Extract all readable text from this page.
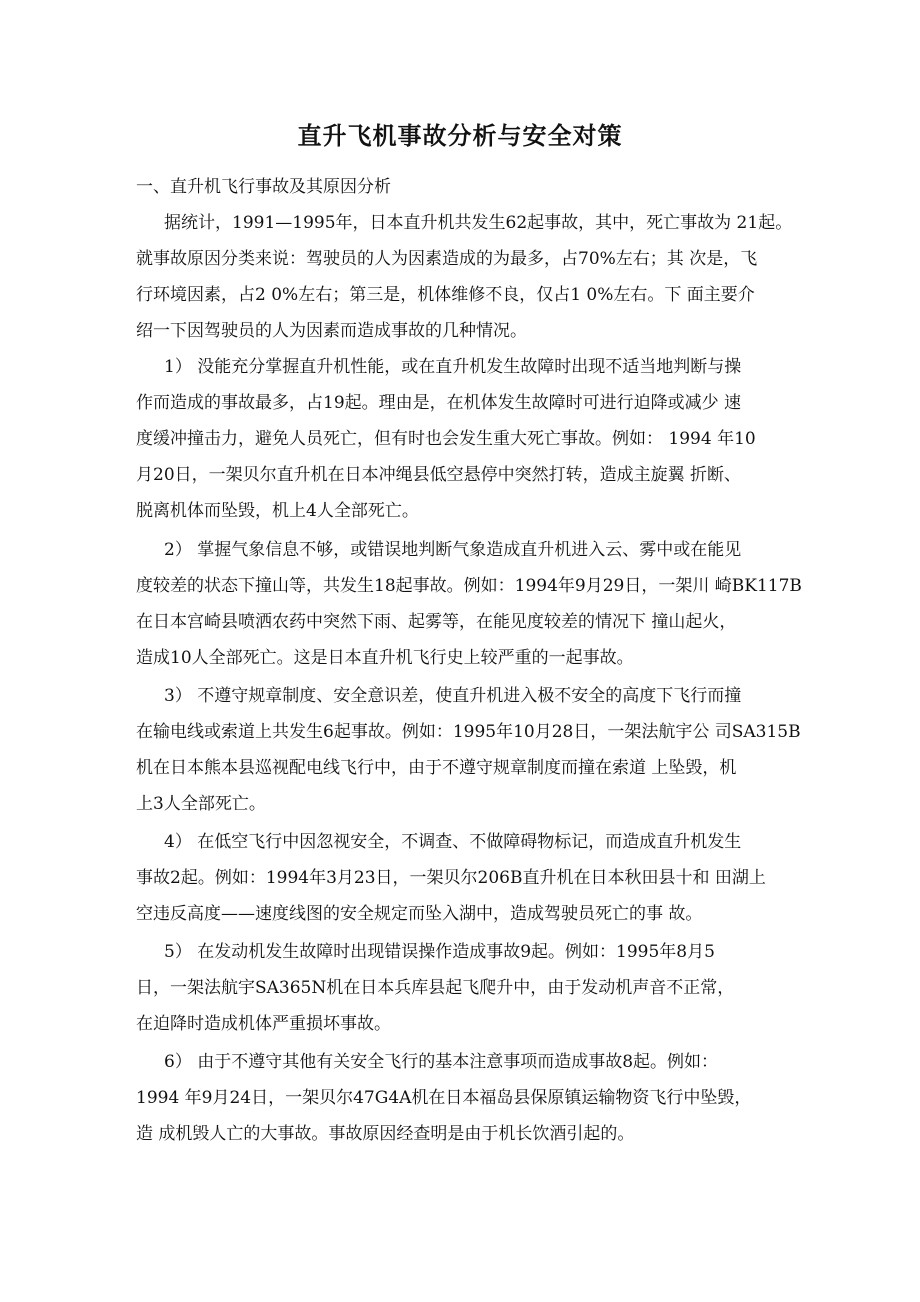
直升飞机事故分析与安全对策

一、直升机飞行事故及其原因分析

据统计，1991—1995年，日本直升机共发生62起事故，其中，死亡事故为 21起。

就事故原因分类来说：驾驶员的人为因素造成的为最多，占70%左右；其 次是，飞

行环境因素，占2 0%左右；第三是，机体维修不良，仅占1 0%左右。下 面主要介

绍一下因驾驶员的人为因素而造成事故的几种情况。

1） 没能充分掌握直升机性能，或在直升机发生故障时出现不适当地判断与操

作而造成的事故最多，占19起。理由是，在机体发生故障时可进行迫降或减少 速

度缓冲撞击力，避免人员死亡，但有时也会发生重大死亡事故。例如： 1994 年10

月20日，一架贝尔直升机在日本冲绳县低空悬停中突然打转，造成主旋翼 折断、

脱离机体而坠毁，机上4人全部死亡。

2） 掌握气象信息不够，或错误地判断气象造成直升机进入云、雾中或在能见

度较差的状态下撞山等，共发生18起事故。例如：1994年9月29日，一架川 崎BK117B

在日本宫崎县喷洒农药中突然下雨、起雾等，在能见度较差的情况下 撞山起火，

造成10人全部死亡。这是日本直升机飞行史上较严重的一起事故。

3） 不遵守规章制度、安全意识差，使直升机进入极不安全的高度下飞行而撞

在输电线或索道上共发生6起事故。例如：1995年10月28日，一架法航宇公 司SA315B

机在日本熊本县巡视配电线飞行中，由于不遵守规章制度而撞在索道 上坠毁，机

上3人全部死亡。

4） 在低空飞行中因忽视安全，不调查、不做障碍物标记，而造成直升机发生

事故2起。例如：1994年3月23日，一架贝尔206B直升机在日本秋田县十和 田湖上

空违反高度——速度线图的安全规定而坠入湖中，造成驾驶员死亡的事 故。

5） 在发动机发生故障时出现错误操作造成事故9起。例如：1995年8月5

日，一架法航宇SA365N机在日本兵库县起飞爬升中，由于发动机声音不正常，

在迫降时造成机体严重损坏事故。

6） 由于不遵守其他有关安全飞行的基本注意事项而造成事故8起。例如：

1994 年9月24日，一架贝尔47G4A机在日本福岛县保原镇运输物资飞行中坠毁，

造 成机毁人亡的大事故。事故原因经查明是由于机长饮酒引起的。
